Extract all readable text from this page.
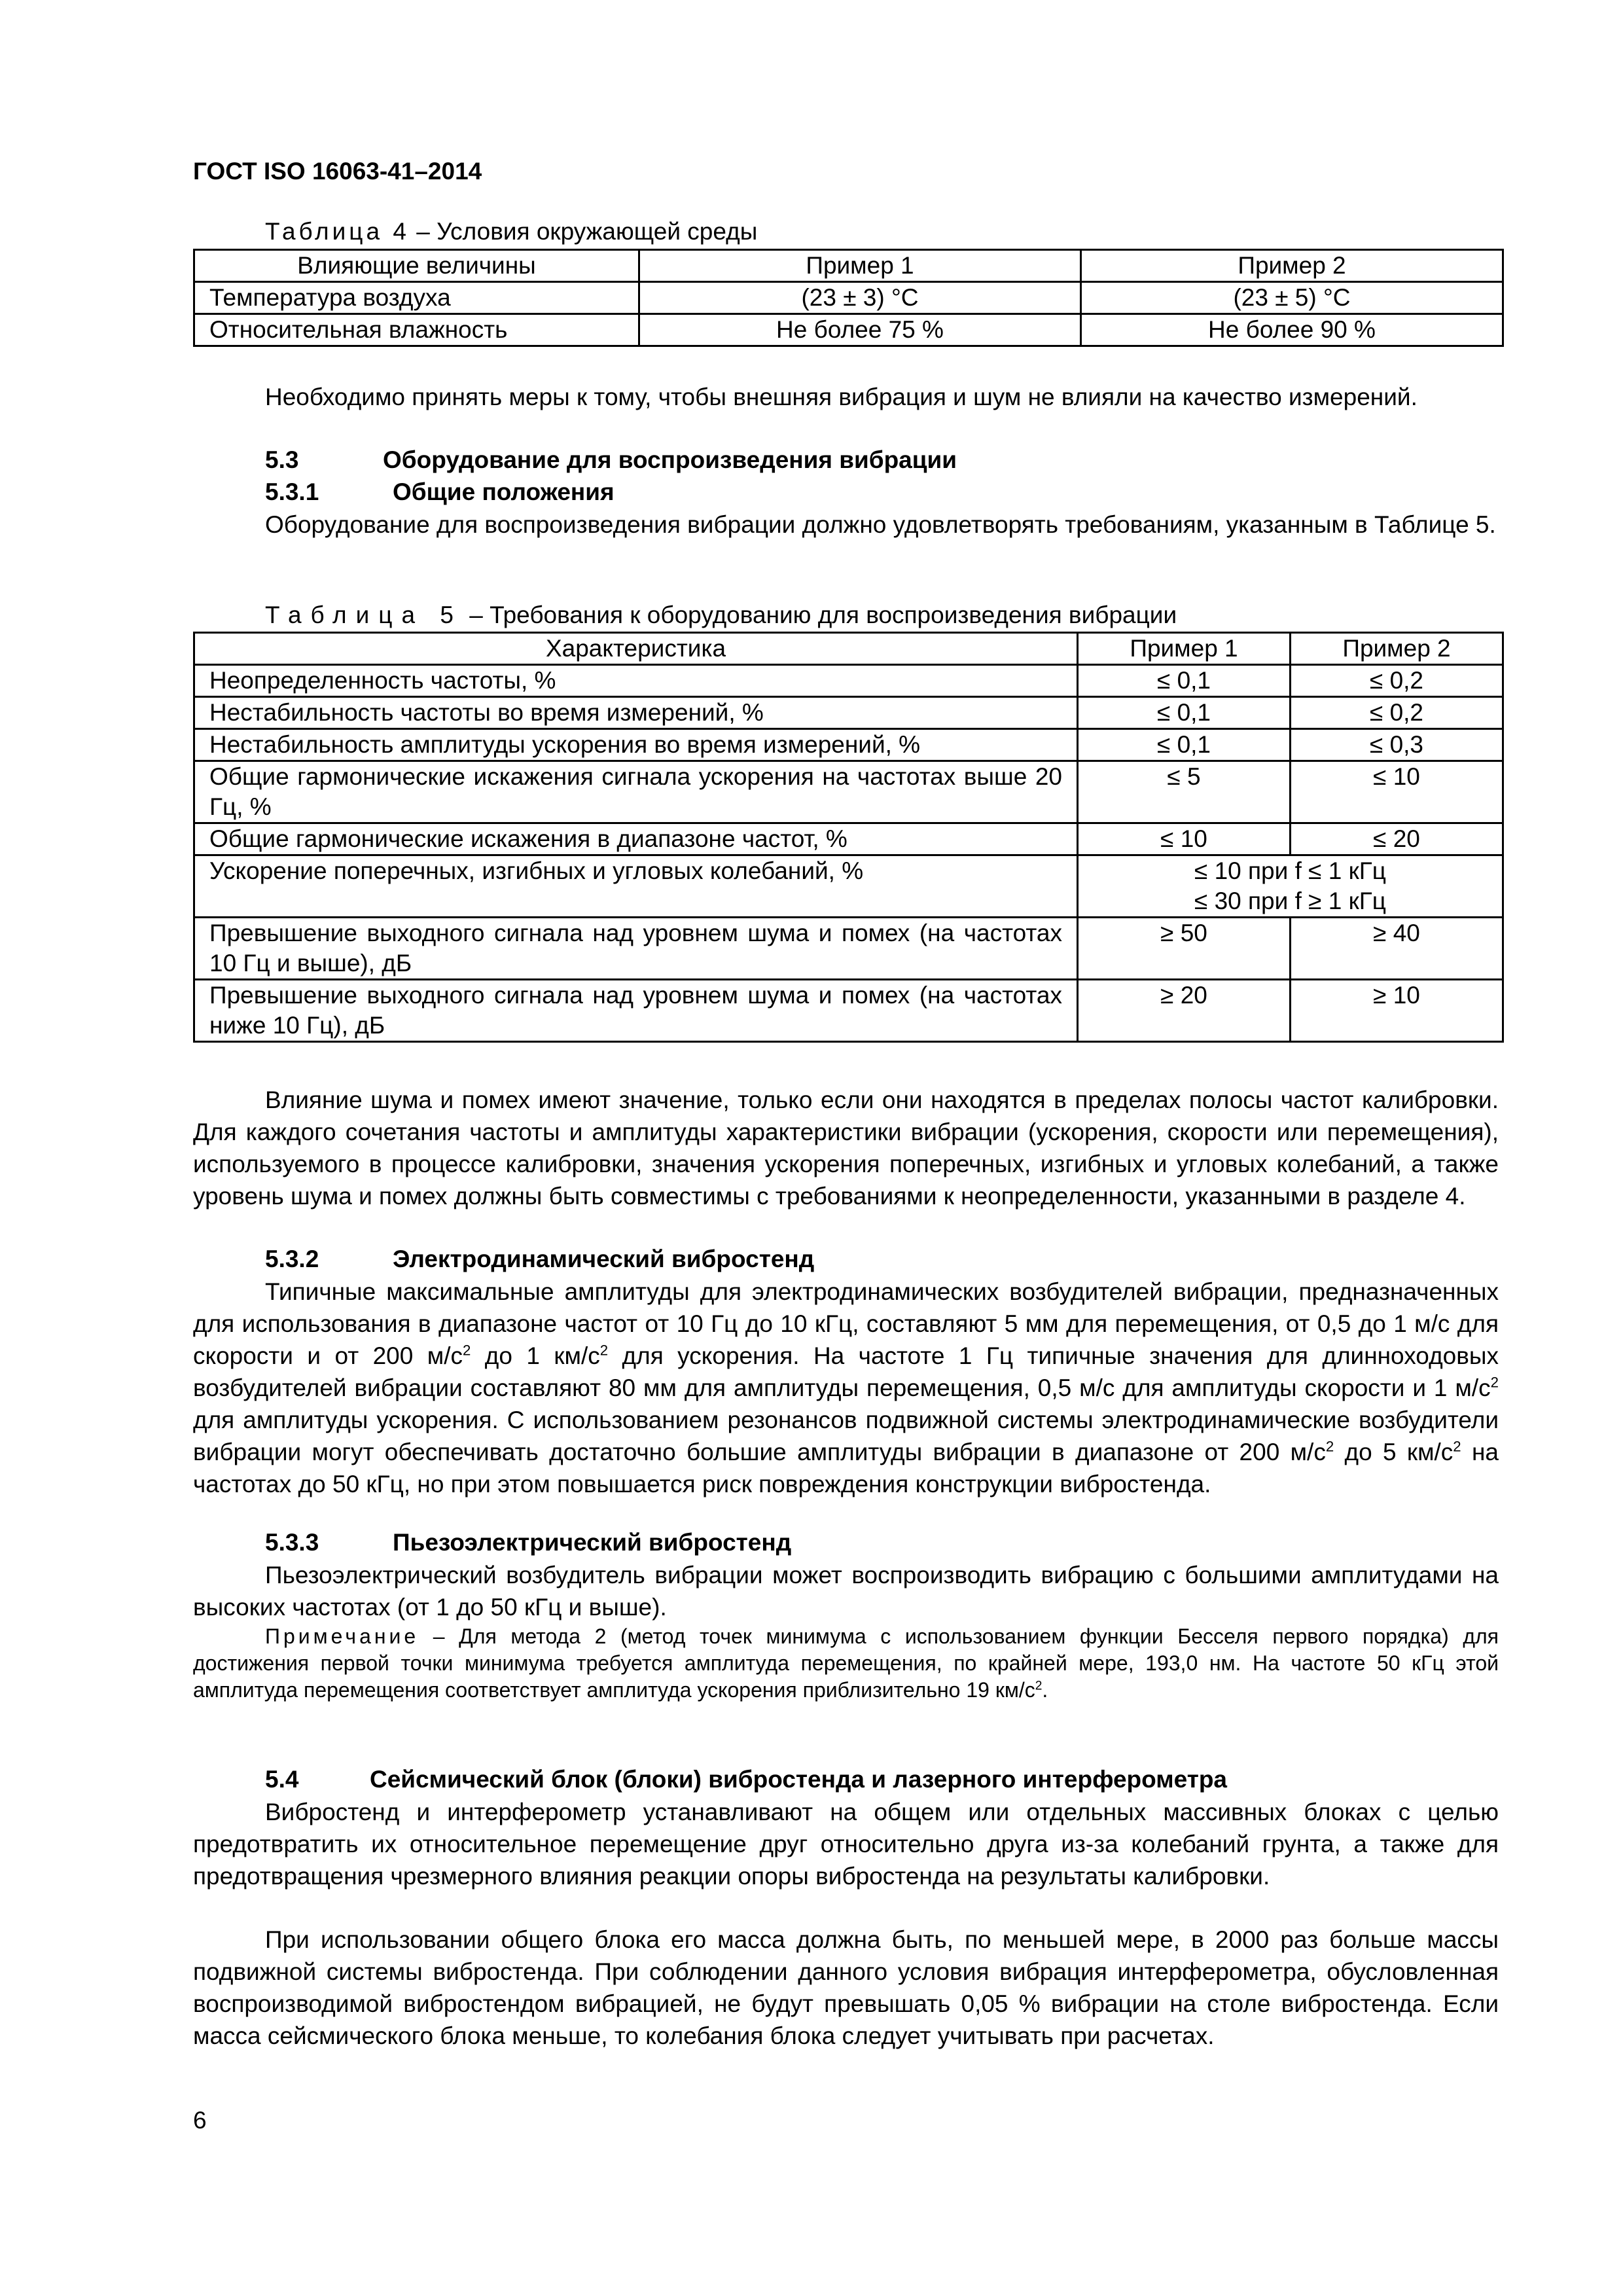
ГОСТ ISO 16063-41–2014
Таблица 4 – Условия окружающей среды
Влияющие величины	Пример 1	Пример 2
Температура воздуха	(23 ± 3) °С	(23 ± 5) °С
Относительная влажность	Не более 75 %	Не более 90 %
Необходимо принять меры к тому, чтобы внешняя вибрация и шум не влияли на качество измерений.
5.3	Оборудование для воспроизведения вибрации
5.3.1	Общие положения
Оборудование для воспроизведения вибрации должно удовлетворять требованиям, указанным в Таблице 5.
Таблица 5 – Требования к оборудованию для воспроизведения вибрации
Характеристика	Пример 1	Пример 2
Неопределенность частоты, %	≤ 0,1	≤ 0,2
Нестабильность частоты во время измерений, %	≤ 0,1	≤ 0,2
Нестабильность амплитуды ускорения во время измерений, %	≤ 0,1	≤ 0,3
Общие гармонические искажения сигнала ускорения на частотах выше 20 Гц, %	≤ 5	≤ 10
Общие гармонические искажения в диапазоне частот, %	≤ 10	≤ 20
Ускорение поперечных, изгибных и угловых колебаний, %	≤ 10 при f ≤ 1 кГц
≤ 30 при f ≥ 1 кГц	

Превышение выходного сигнала над уровнем шума и помех (на частотах 10 Гц и выше), дБ	≥ 50	≥ 40
Превышение выходного сигнала над уровнем шума и помех (на частотах ниже 10 Гц), дБ	≥ 20	≥ 10
Влияние шума и помех имеют значение, только если они находятся в пределах полосы частот калибровки. Для каждого сочетания частоты и амплитуды характеристики вибрации (ускорения, скорости или перемещения), используемого в процессе калибровки, значения ускорения поперечных, изгибных и угловых колебаний, а также уровень шума и помех должны быть совместимы с требованиями к неопределенности, указанными в разделе 4.
5.3.2	Электродинамический вибростенд
Типичные максимальные амплитуды для электродинамических возбудителей вибрации, предназначенных для использования в диапазоне частот от 10 Гц до 10 кГц, составляют 5 мм для перемещения, от 0,5 до 1 м/с для скорости и от 200 $м/с^2$ до 1 $км/с^2$ для ускорения. На частоте 1 Гц типичные значения для длинноходовых возбудителей вибрации составляют 80 мм для амплитуды перемещения, 0,5 м/с для амплитуды скорости и 1 $м/с^2$ для амплитуды ускорения. С использованием резонансов подвижной системы электродинамические возбудители вибрации могут обеспечивать достаточно большие амплитуды вибрации в диапазоне от 200 $м/с^2$ до 5 $км/с^2$ на частотах до 50 кГц, но при этом повышается риск повреждения конструкции вибростенда.
5.3.3	Пьезоэлектрический вибростенд
Пьезоэлектрический возбудитель вибрации может воспроизводить вибрацию с большими амплитудами на высоких частотах (от 1 до 50 кГц и выше).
Примечание – Для метода 2 (метод точек минимума с использованием функции Бесселя первого порядка) для достижения первой точки минимума требуется амплитуда перемещения, по крайней мере, 193,0 нм. На частоте 50 кГц этой амплитуда перемещения соответствует амплитуда ускорения приблизительно 19 $км/с^2$.
5.4	Сейсмический блок (блоки) вибростенда и лазерного интерферометра
Вибростенд и интерферометр устанавливают на общем или отдельных массивных блоках с целью предотвратить их относительное перемещение друг относительно друга из-за колебаний грунта, а также для предотвращения чрезмерного влияния реакции опоры вибростенда на результаты калибровки.
При использовании общего блока его масса должна быть, по меньшей мере, в 2000 раз больше массы подвижной системы вибростенда. При соблюдении данного условия вибрация интерферометра, обусловленная воспроизводимой вибростендом вибрацией, не будут превышать 0,05 % вибрации на столе вибростенда. Если масса сейсмического блока меньше, то колебания блока следует учитывать при расчетах.
6
